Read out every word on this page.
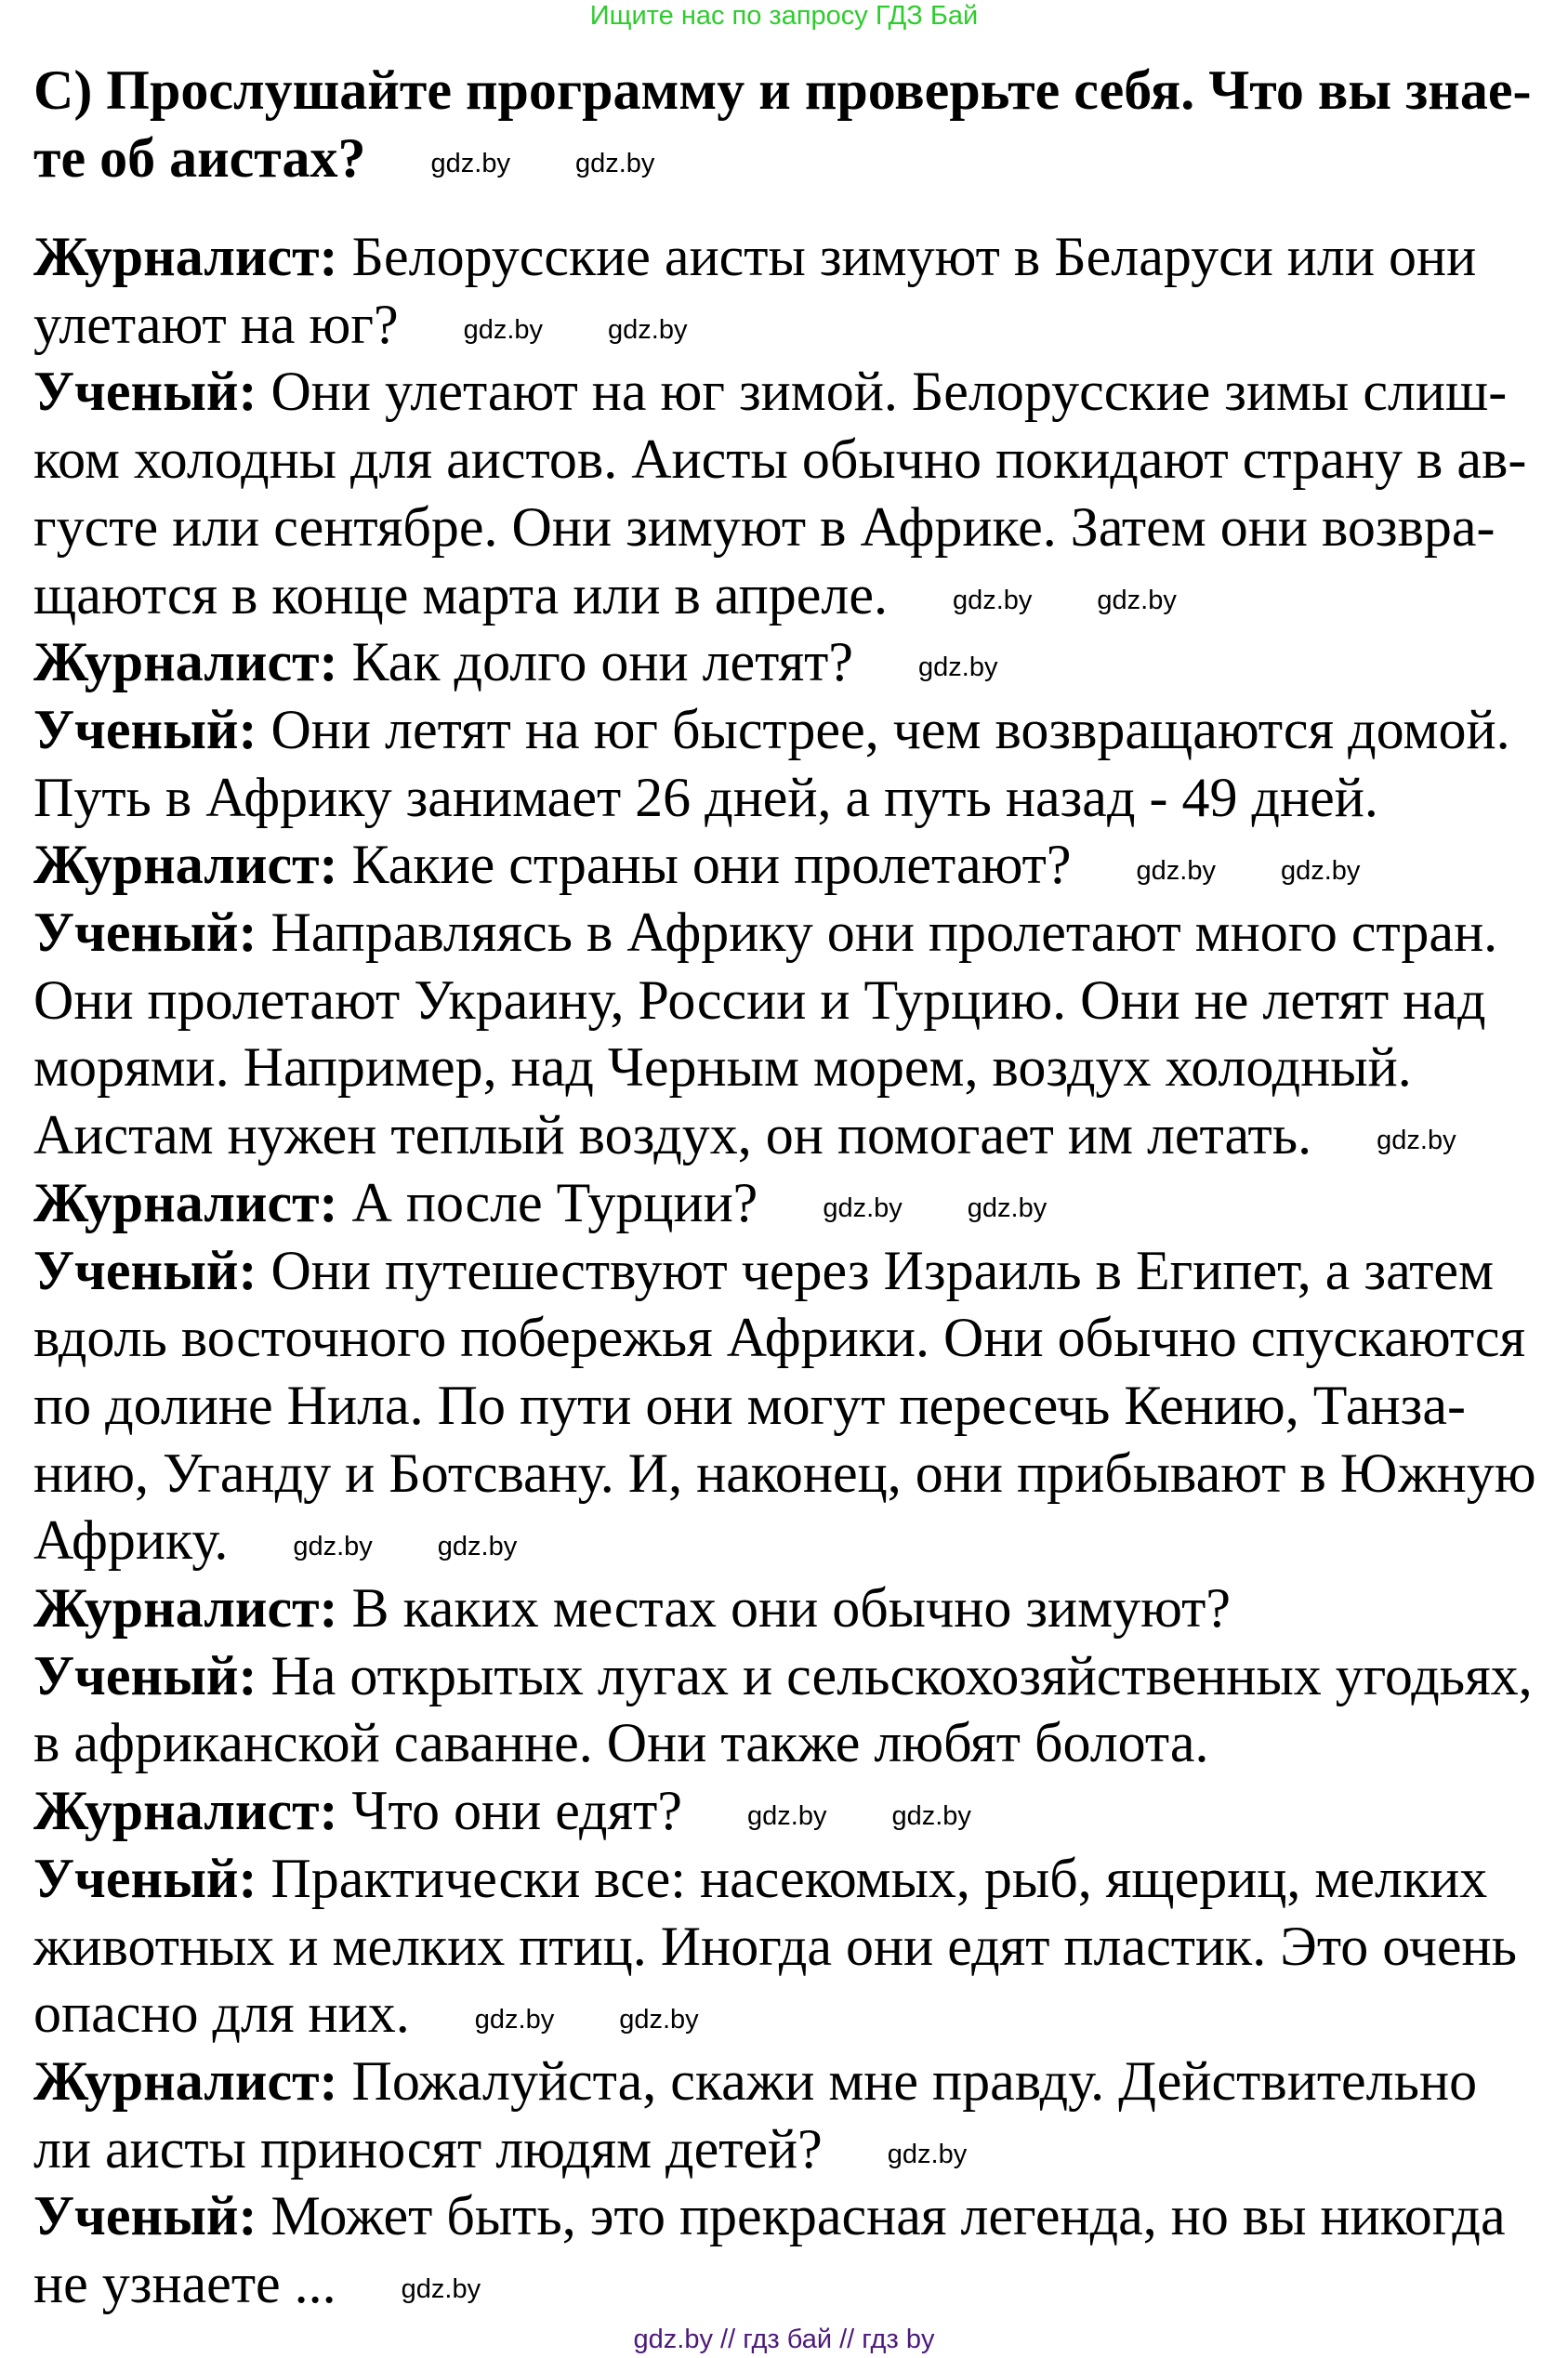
Ищите нас по запросу ГДЗ Бай
С) Прослушайте программу и проверьте себя. Что вы знае-
те об аистах? gdz.by gdz.by
Журналист: Белорусские аисты зимуют в Беларуси или они
улетают на юг? gdz.by gdz.by
Ученый: Они улетают на юг зимой. Белорусские зимы слиш-
ком холодны для аистов. Аисты обычно покидают страну в ав-
густе или сентябре. Они зимуют в Африке. Затем они возвра-
щаются в конце марта или в апреле. gdz.by gdz.by
Журналист: Как долго они летят? gdz.by
Ученый: Они летят на юг быстрее, чем возвращаются домой.
Путь в Африку занимает 26 дней, а путь назад - 49 дней.
Журналист: Какие страны они пролетают? gdz.by gdz.by
Ученый: Направляясь в Африку они пролетают много стран.
Они пролетают Украину, России и Турцию. Они не летят над
морями. Например, над Черным морем, воздух холодный.
Аистам нужен теплый воздух, он помогает им летать. gdz.by
Журналист: А после Турции? gdz.by gdz.by
Ученый: Они путешествуют через Израиль в Египет, а затем
вдоль восточного побережья Африки. Они обычно спускаются
по долине Нила. По пути они могут пересечь Кению, Танза-
нию, Уганду и Ботсвану. И, наконец, они прибывают в Южную
Африку. gdz.by gdz.by
Журналист: В каких местах они обычно зимуют?
Ученый: На открытых лугах и сельскохозяйственных угодьях,
в африканской саванне. Они также любят болота.
Журналист: Что они едят? gdz.by gdz.by
Ученый: Практически все: насекомых, рыб, ящериц, мелких
животных и мелких птиц. Иногда они едят пластик. Это очень
опасно для них. gdz.by gdz.by
Журналист: Пожалуйста, скажи мне правду. Действительно
ли аисты приносят людям детей? gdz.by
Ученый: Может быть, это прекрасная легенда, но вы никогда
не узнаете ... gdz.by
gdz.by // гдз бай // гдз by
